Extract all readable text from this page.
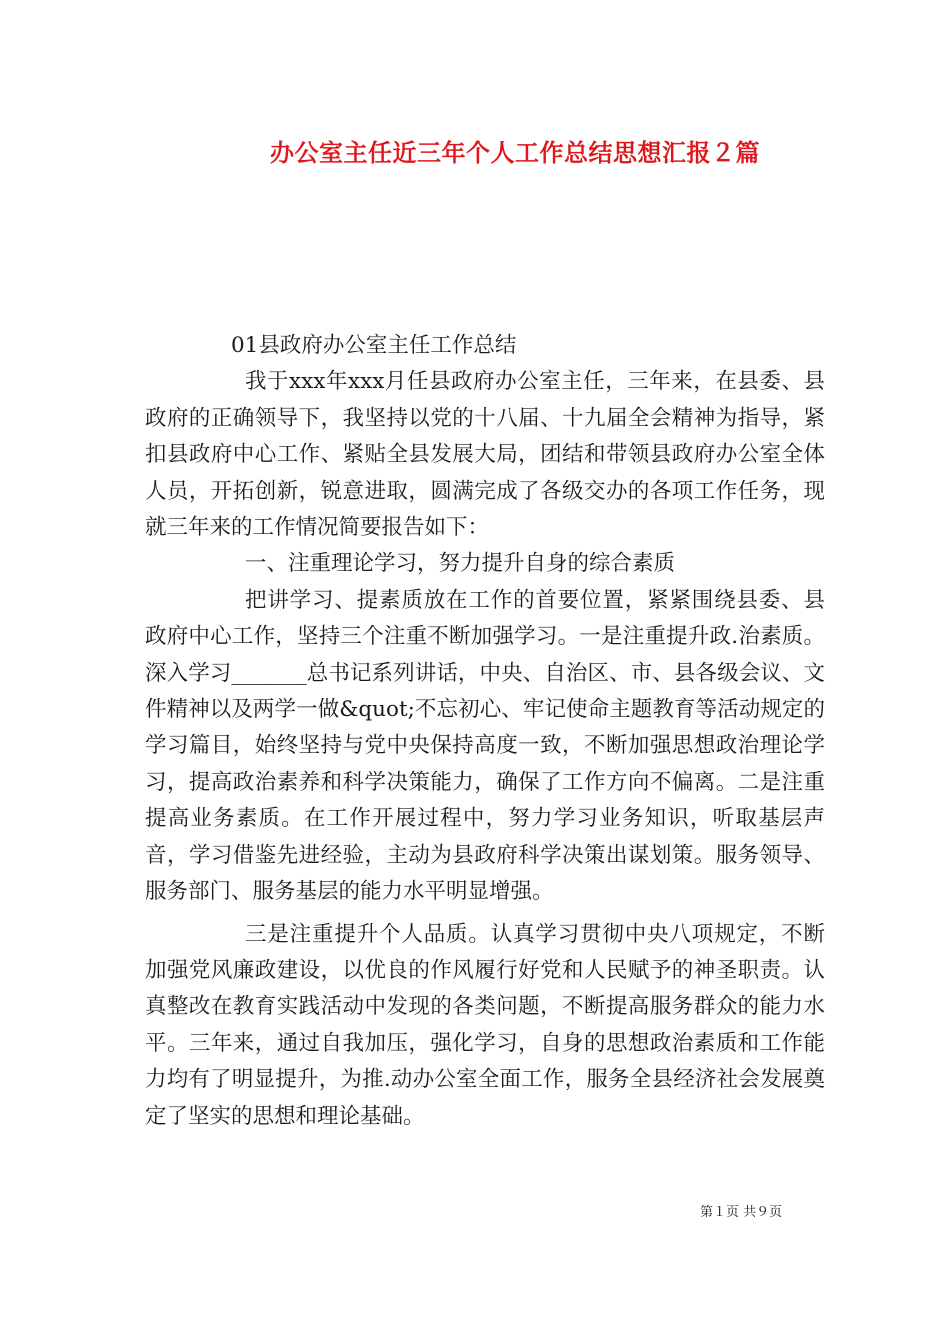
办公室主任近三年个人工作总结思想汇报２篇

01县政府办公室主任工作总结

我于xxx年xxx月任县政府办公室主任，三年来，在县委、县政府的正确领导下，我坚持以党的十八届、十九届全会精神为指导，紧扣县政府中心工作、紧贴全县发展大局，团结和带领县政府办公室全体人员，开拓创新，锐意进取，圆满完成了各级交办的各项工作任务，现就三年来的工作情况简要报告如下：

一、注重理论学习，努力提升自身的综合素质

把讲学习、提素质放在工作的首要位置，紧紧围绕县委、县政府中心工作，坚持三个注重不断加强学习。一是注重提升政.治素质。深入学习_______总书记系列讲话，中央、自治区、市、县各级会议、文件精神以及两学一做&quot;不忘初心、牢记使命主题教育等活动规定的学习篇目，始终坚持与党中央保持高度一致，不断加强思想政治理论学习，提高政治素养和科学决策能力，确保了工作方向不偏离。二是注重提高业务素质。在工作开展过程中，努力学习业务知识，听取基层声音，学习借鉴先进经验，主动为县政府科学决策出谋划策。服务领导、服务部门、服务基层的能力水平明显增强。

三是注重提升个人品质。认真学习贯彻中央八项规定，不断加强党风廉政建设，以优良的作风履行好党和人民赋予的神圣职责。认真整改在教育实践活动中发现的各类问题，不断提高服务群众的能力水平。三年来，通过自我加压，强化学习，自身的思想政治素质和工作能力均有了明显提升，为推.动办公室全面工作，服务全县经济社会发展奠定了坚实的思想和理论基础。

第１页 共９页
